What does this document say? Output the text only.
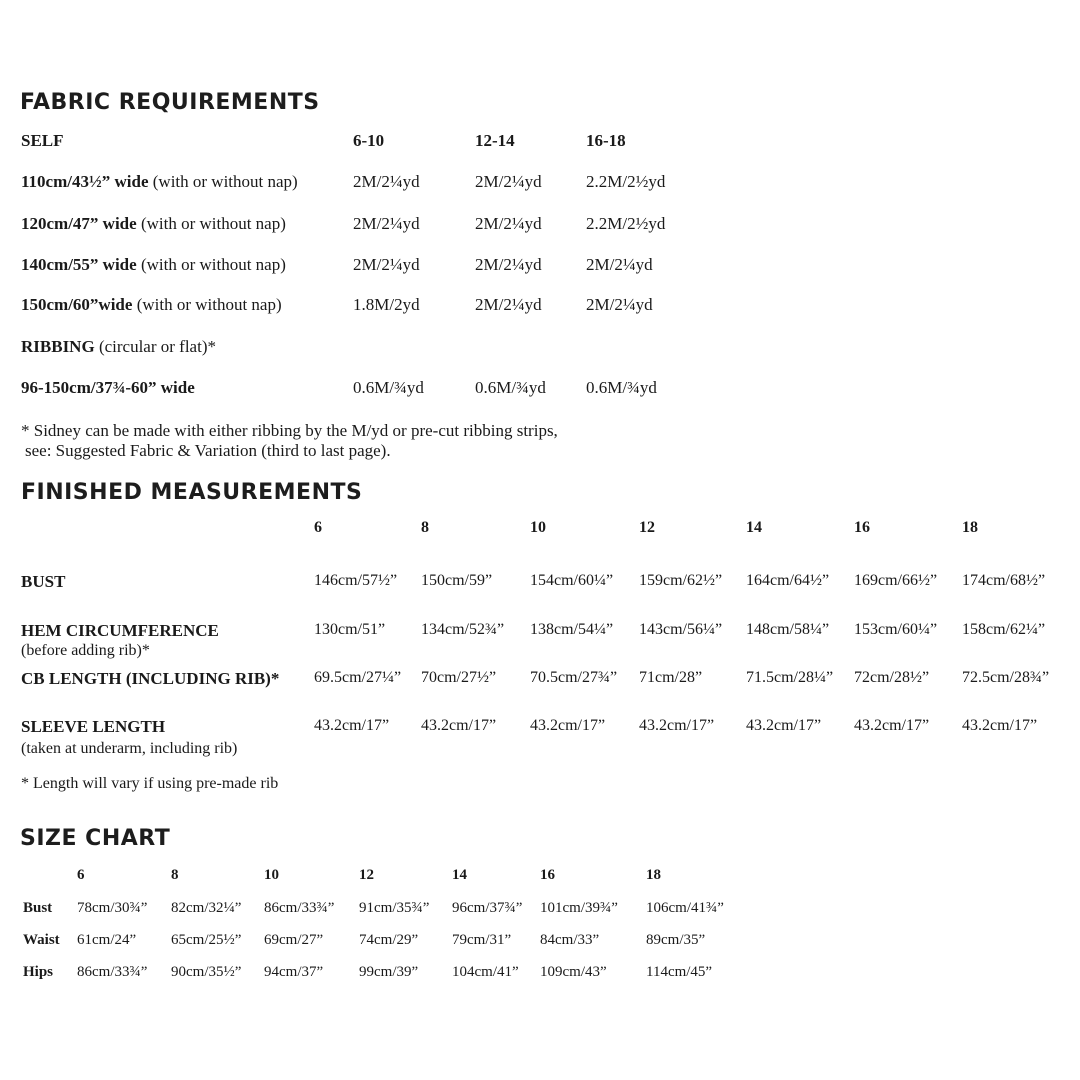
FABRIC REQUIREMENTS
SELF	6-10	12-14	16-18
110cm/43½” wide (with or without nap)	2M/2¼yd	2M/2¼yd	2.2M/2½yd
120cm/47” wide (with or without nap)	2M/2¼yd	2M/2¼yd	2.2M/2½yd
140cm/55” wide (with or without nap)	2M/2¼yd	2M/2¼yd	2M/2¼yd
150cm/60”wide (with or without nap)	1.8M/2yd	2M/2¼yd	2M/2¼yd
RIBBING (circular or flat)*
96-150cm/37¾-60” wide	0.6M/¾yd	0.6M/¾yd 0.6M/¾yd
* Sidney can be made with either ribbing by the M/yd or pre-cut ribbing strips,
see: Suggested Fabric & Variation (third to last page).
FINISHED MEASUREMENTS
6	8	10	12	14	16	18
BUST	146cm/57½” 150cm/59” 154cm/60¼” 159cm/62½” 164cm/64½” 169cm/66½” 174cm/68½”
HEM CIRCUMFERENCE
(before adding rib)*
130cm/51” 134cm/52¾” 138cm/54¼” 143cm/56¼” 148cm/58¼” 153cm/60¼” 158cm/62¼”
CB LENGTH (INCLUDING RIB)* 69.5cm/27¼” 70cm/27½” 70.5cm/27¾” 71cm/28”	71.5cm/28¼” 72cm/28½” 72.5cm/28¾”
SLEEVE LENGTH
(taken at underarm, including rib)
43.2cm/17” 43.2cm/17” 43.2cm/17” 43.2cm/17” 43.2cm/17” 43.2cm/17” 43.2cm/17”
* Length will vary if using pre-made rib
SIZE CHART
6	8	10	12	14	16	18
Bust 78cm/30¾” 82cm/32¼” 86cm/33¾” 91cm/35¾” 96cm/37¾” 101cm/39¾” 106cm/41¾”
Waist 61cm/24” 65cm/25½” 69cm/27” 74cm/29” 79cm/31” 84cm/33”	89cm/35”
Hips 86cm/33¾” 90cm/35½” 94cm/37” 99cm/39” 104cm/41” 109cm/43”	114cm/45”
